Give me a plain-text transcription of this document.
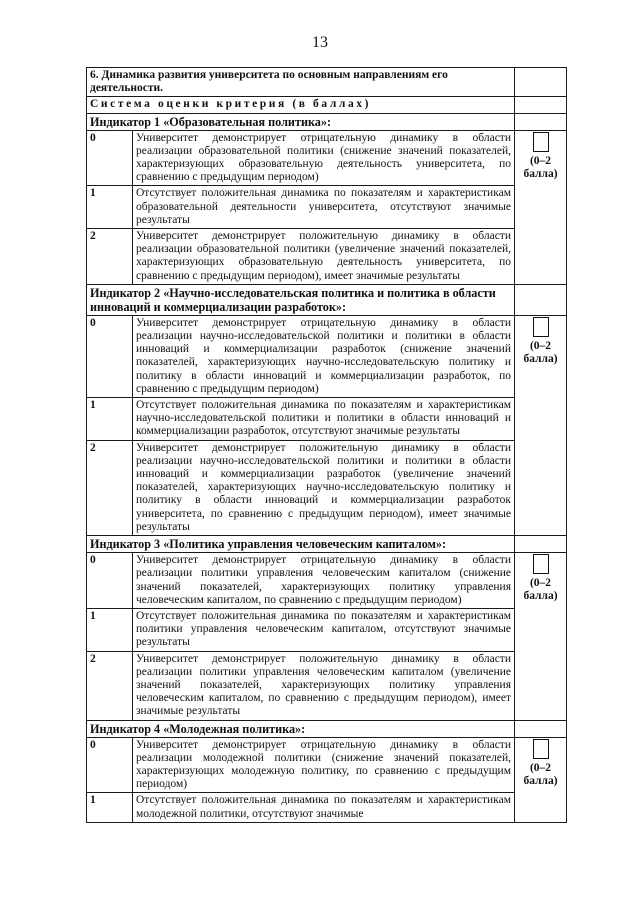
13
6. Динамика развития университета по основным направлениям его деятельности.		
Система оценки критерия (в баллах)		
Индикатор 1 «Образовательная политика»:		
0	Университет демонстрирует отрицательную динамику в области реализации образовательной политики (снижение значений показателей, характеризующих образовательную деятельность университета, по сравнению с предыдущим периодом)	(0–2 балла)

1	Отсутствует положительная динамика по показателям и характеристикам образовательной деятельности университета, отсутствуют значимые результаты	
2	Университет демонстрирует положительную динамику в области реализации образовательной политики (увеличение значений показателей, характеризующих образовательную деятельность университета, по сравнению с предыдущим периодом), имеет значимые результаты	
Индикатор 2 «Научно-исследовательская политика и политика в области инноваций и коммерциализации разработок»:		
0	Университет демонстрирует отрицательную динамику в области реализации научно-исследовательской политики и политики в области инноваций и коммерциализации разработок (снижение значений показателей, характеризующих научно-исследовательскую политику и политику в области инноваций и коммерциализации разработок, по сравнению с предыдущим периодом)	(0–2 балла)

1	Отсутствует положительная динамика по показателям и характеристикам научно-исследовательской политики и политики в области инноваций и коммерциализации разработок, отсутствуют значимые результаты	
2	Университет демонстрирует положительную динамику в области реализации научно-исследовательской политики и политики в области инноваций и коммерциализации разработок (увеличение значений показателей, характеризующих научно-исследовательскую политику и политику в области инноваций и коммерциализации разработок университета, по сравнению с предыдущим периодом), имеет значимые результаты	
Индикатор 3 «Политика управления человеческим капиталом»:		
0	Университет демонстрирует отрицательную динамику в области реализации политики управления человеческим капиталом (снижение значений показателей, характеризующих политику управления человеческим капиталом, по сравнению с предыдущим периодом)	(0–2 балла)

1	Отсутствует положительная динамика по показателям и характеристикам политики управления человеческим капиталом, отсутствуют значимые результаты	
2	Университет демонстрирует положительную динамику в области реализации политики управления человеческим капиталом (увеличение значений показателей, характеризующих политику управления человеческим капиталом, по сравнению с предыдущим периодом), имеет значимые результаты	
Индикатор 4 «Молодежная политика»:		
0	Университет демонстрирует отрицательную динамику в области реализации молодежной политики (снижение значений показателей, характеризующих молодежную политику, по сравнению с предыдущим периодом)	(0–2 балла)

1	Отсутствует положительная динамика по показателям и характеристикам молодежной политики, отсутствуют значимые	
